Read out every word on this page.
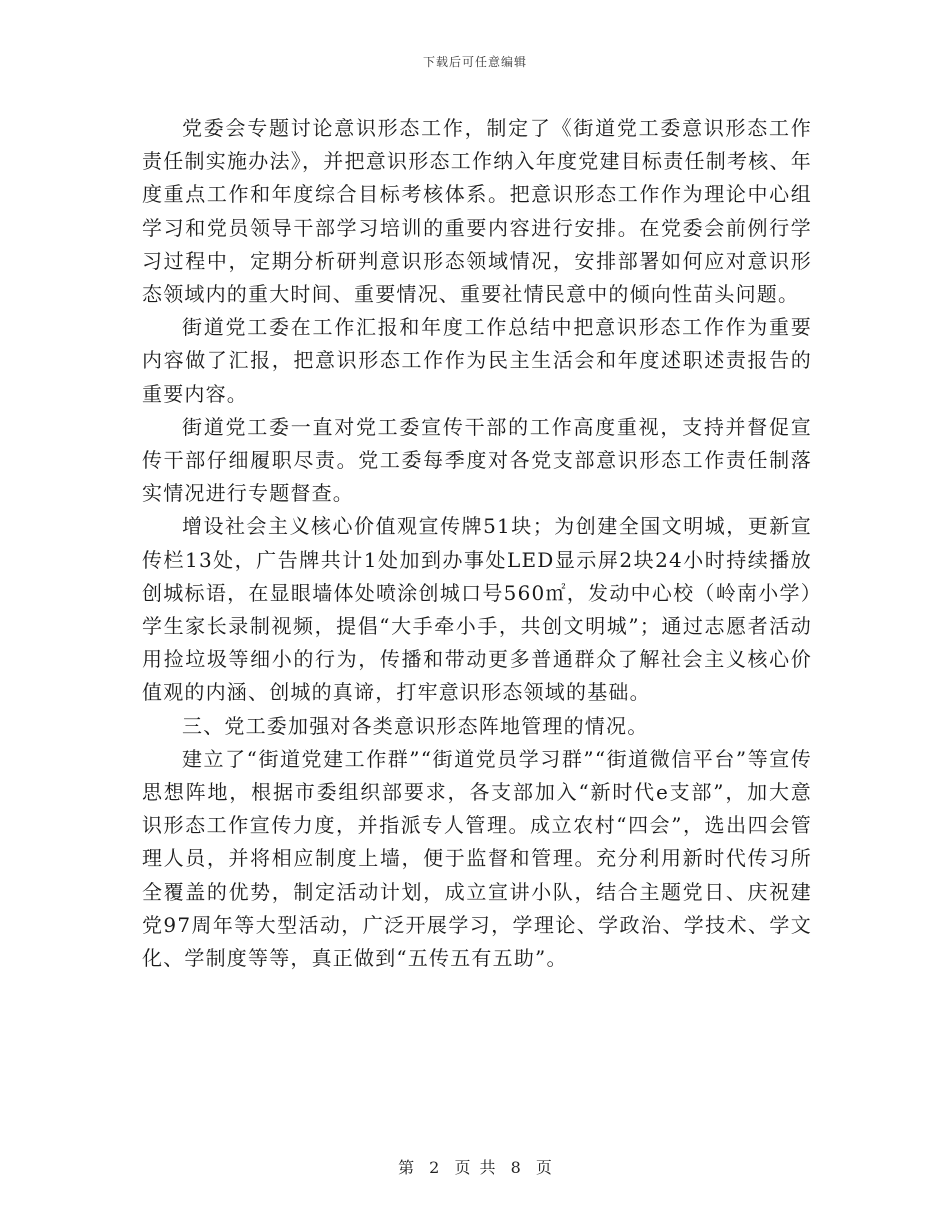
下载后可任意编辑

党委会专题讨论意识形态工作，制定了《街道党工委意识形态工作责任制实施办法》，并把意识形态工作纳入年度党建目标责任制考核、年度重点工作和年度综合目标考核体系。把意识形态工作作为理论中心组学习和党员领导干部学习培训的重要内容进行安排。在党委会前例行学习过程中，定期分析研判意识形态领域情况，安排部署如何应对意识形态领域内的重大时间、重要情况、重要社情民意中的倾向性苗头问题。

街道党工委在工作汇报和年度工作总结中把意识形态工作作为重要内容做了汇报，把意识形态工作作为民主生活会和年度述职述责报告的重要内容。

街道党工委一直对党工委宣传干部的工作高度重视，支持并督促宣传干部仔细履职尽责。党工委每季度对各党支部意识形态工作责任制落实情况进行专题督查。

增设社会主义核心价值观宣传牌51块；为创建全国文明城，更新宣传栏13处，广告牌共计1处加到办事处LED显示屏2块24小时持续播放创城标语，在显眼墙体处喷涂创城口号560㎡，发动中心校（岭南小学）学生家长录制视频，提倡“大手牵小手，共创文明城”；通过志愿者活动用捡垃圾等细小的行为，传播和带动更多普通群众了解社会主义核心价值观的内涵、创城的真谛，打牢意识形态领域的基础。

三、党工委加强对各类意识形态阵地管理的情况。

建立了“街道党建工作群”“街道党员学习群”“街道微信平台”等宣传思想阵地，根据市委组织部要求，各支部加入“新时代e支部”，加大意识形态工作宣传力度，并指派专人管理。成立农村“四会”，选出四会管理人员，并将相应制度上墙，便于监督和管理。充分利用新时代传习所全覆盖的优势，制定活动计划，成立宣讲小队，结合主题党日、庆祝建党97周年等大型活动，广泛开展学习，学理论、学政治、学技术、学文化、学制度等等，真正做到“五传五有五助”。

第 2 页 共 8 页
